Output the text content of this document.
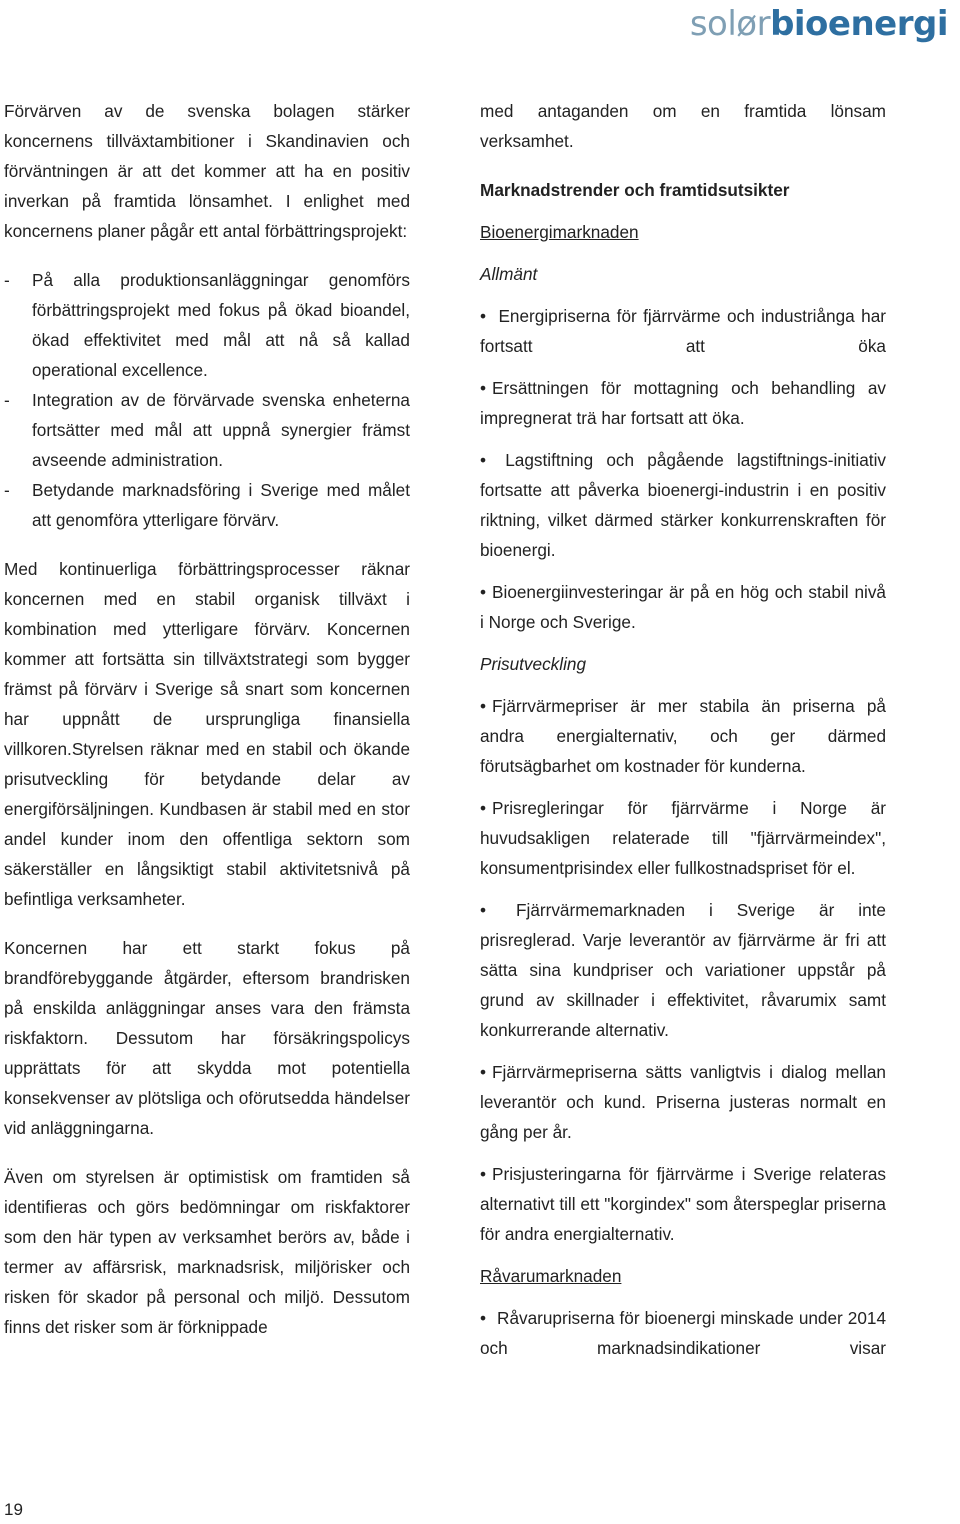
solørbioenergi

Förvärven av de svenska bolagen stärker koncernens tillväxtambitioner i Skandinavien och förväntningen är att det kommer att ha en positiv inverkan på framtida lönsamhet. I enlighet med koncernens planer pågår ett antal förbättringsprojekt:

- På alla produktionsanläggningar genomförs förbättringsprojekt med fokus på ökad bioandel, ökad effektivitet med mål att nå så kallad operational excellence.

- Integration av de förvärvade svenska enheterna fortsätter med mål att uppnå synergier främst avseende administration.

- Betydande marknadsföring i Sverige med målet att genomföra ytterligare förvärv.

Med kontinuerliga förbättringsprocesser räknar koncernen med en stabil organisk tillväxt i kombination med ytterligare förvärv. Koncernen kommer att fortsätta sin tillväxtstrategi som bygger främst på förvärv i Sverige så snart som koncernen har uppnått de ursprungliga finansiella villkoren.Styrelsen räknar med en stabil och ökande prisutveckling för betydande delar av energiförsäljningen. Kundbasen är stabil med en stor andel kunder inom den offentliga sektorn som säkerställer en långsiktigt stabil aktivitetsnivå på befintliga verksamheter.

Koncernen har ett starkt fokus på brandförebyggande åtgärder, eftersom brandrisken på enskilda anläggningar anses vara den främsta riskfaktorn. Dessutom har försäkringspolicys upprättats för att skydda mot potentiella konsekvenser av plötsliga och oförutsedda händelser vid anläggningarna.

Även om styrelsen är optimistisk om framtiden så identifieras och görs bedömningar om riskfaktorer som den här typen av verksamhet berörs av, både i termer av affärsrisk, marknadsrisk, miljörisker och risken för skador på personal och miljö. Dessutom finns det risker som är förknippade

med antaganden om en framtida lönsam verksamhet.

Marknadstrender och framtidsutsikter

Bioenergimarknaden

Allmänt

• Energipriserna för fjärrvärme och industriånga har fortsatt att öka

• Ersättningen för mottagning och behandling av impregnerat trä har fortsatt att öka.

• Lagstiftning och pågående lagstiftnings-initiativ fortsatte att påverka bioenergi-industrin i en positiv riktning, vilket därmed stärker konkurrenskraften för bioenergi.

• Bioenergiinvesteringar är på en hög och stabil nivå i Norge och Sverige.

Prisutveckling

• Fjärrvärmepriser är mer stabila än priserna på andra energialternativ, och ger därmed förutsägbarhet om kostnader för kunderna.

• Prisregleringar för fjärrvärme i Norge är huvudsakligen relaterade till "fjärrvärmeindex", konsumentprisindex eller fullkostnadspriset för el.

• Fjärrvärmemarknaden i Sverige är inte prisreglerad. Varje leverantör av fjärrvärme är fri att sätta sina kundpriser och variationer uppstår på grund av skillnader i effektivitet, råvarumix samt konkurrerande alternativ.

• Fjärrvärmepriserna sätts vanligtvis i dialog mellan leverantör och kund. Priserna justeras normalt en gång per år.

• Prisjusteringarna för fjärrvärme i Sverige relateras alternativt till ett "korgindex" som återspeglar priserna för andra energialternativ.

Råvarumarknaden

• Råvarupriserna för bioenergi minskade under 2014 och marknadsindikationer visar

19
